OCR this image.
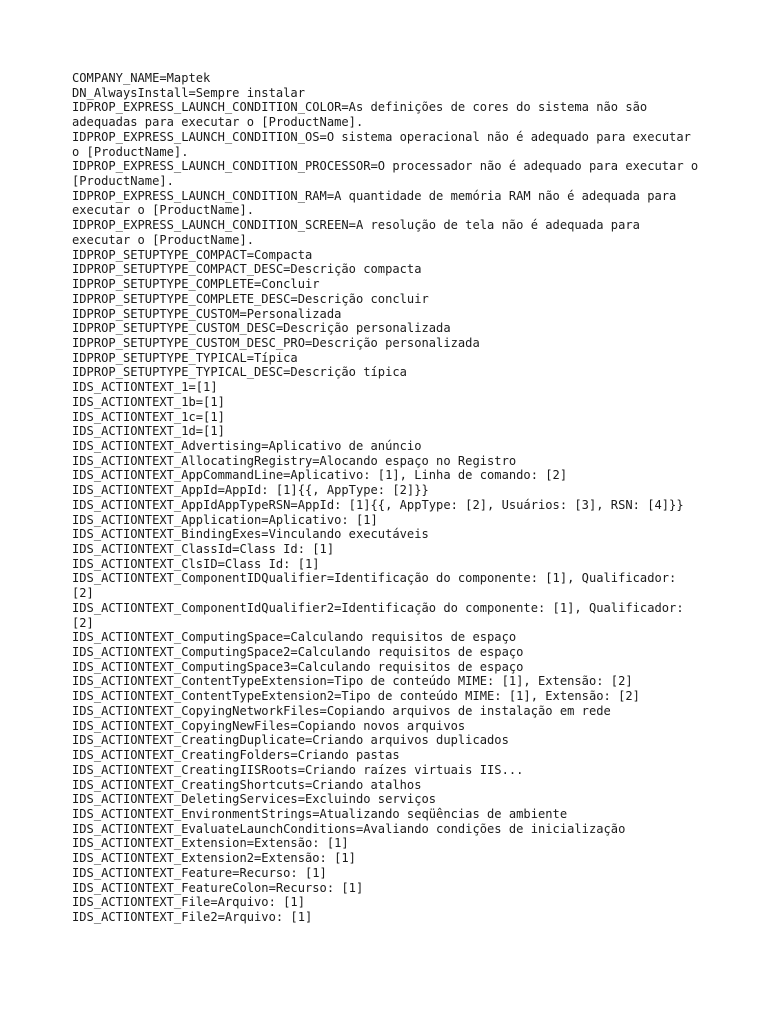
COMPANY_NAME=Maptek
DN_AlwaysInstall=Sempre instalar
IDPROP_EXPRESS_LAUNCH_CONDITION_COLOR=As definições de cores do sistema não são adequadas para executar o [ProductName].
IDPROP_EXPRESS_LAUNCH_CONDITION_OS=O sistema operacional não é adequado para executar o [ProductName].
IDPROP_EXPRESS_LAUNCH_CONDITION_PROCESSOR=O processador não é adequado para executar o [ProductName].
IDPROP_EXPRESS_LAUNCH_CONDITION_RAM=A quantidade de memória RAM não é adequada para executar o [ProductName].
IDPROP_EXPRESS_LAUNCH_CONDITION_SCREEN=A resolução de tela não é adequada para executar o [ProductName].
IDPROP_SETUPTYPE_COMPACT=Compacta
IDPROP_SETUPTYPE_COMPACT_DESC=Descrição compacta
IDPROP_SETUPTYPE_COMPLETE=Concluir
IDPROP_SETUPTYPE_COMPLETE_DESC=Descrição concluir
IDPROP_SETUPTYPE_CUSTOM=Personalizada
IDPROP_SETUPTYPE_CUSTOM_DESC=Descrição personalizada
IDPROP_SETUPTYPE_CUSTOM_DESC_PRO=Descrição personalizada
IDPROP_SETUPTYPE_TYPICAL=Típica
IDPROP_SETUPTYPE_TYPICAL_DESC=Descrição típica
IDS_ACTIONTEXT_1=[1]
IDS_ACTIONTEXT_1b=[1]
IDS_ACTIONTEXT_1c=[1]
IDS_ACTIONTEXT_1d=[1]
IDS_ACTIONTEXT_Advertising=Aplicativo de anúncio
IDS_ACTIONTEXT_AllocatingRegistry=Alocando espaço no Registro
IDS_ACTIONTEXT_AppCommandLine=Aplicativo: [1], Linha de comando: [2]
IDS_ACTIONTEXT_AppId=AppId: [1]{{, AppType: [2]}}
IDS_ACTIONTEXT_AppIdAppTypeRSN=AppId: [1]{{, AppType: [2], Usuários: [3], RSN: [4]}}
IDS_ACTIONTEXT_Application=Aplicativo: [1]
IDS_ACTIONTEXT_BindingExes=Vinculando executáveis
IDS_ACTIONTEXT_ClassId=Class Id: [1]
IDS_ACTIONTEXT_ClsID=Class Id: [1]
IDS_ACTIONTEXT_ComponentIDQualifier=Identificação do componente: [1], Qualificador: [2]
IDS_ACTIONTEXT_ComponentIdQualifier2=Identificação do componente: [1], Qualificador: [2]
IDS_ACTIONTEXT_ComputingSpace=Calculando requisitos de espaço
IDS_ACTIONTEXT_ComputingSpace2=Calculando requisitos de espaço
IDS_ACTIONTEXT_ComputingSpace3=Calculando requisitos de espaço
IDS_ACTIONTEXT_ContentTypeExtension=Tipo de conteúdo MIME: [1], Extensão: [2]
IDS_ACTIONTEXT_ContentTypeExtension2=Tipo de conteúdo MIME: [1], Extensão: [2]
IDS_ACTIONTEXT_CopyingNetworkFiles=Copiando arquivos de instalação em rede
IDS_ACTIONTEXT_CopyingNewFiles=Copiando novos arquivos
IDS_ACTIONTEXT_CreatingDuplicate=Criando arquivos duplicados
IDS_ACTIONTEXT_CreatingFolders=Criando pastas
IDS_ACTIONTEXT_CreatingIISRoots=Criando raízes virtuais IIS...
IDS_ACTIONTEXT_CreatingShortcuts=Criando atalhos
IDS_ACTIONTEXT_DeletingServices=Excluindo serviços
IDS_ACTIONTEXT_EnvironmentStrings=Atualizando seqüências de ambiente
IDS_ACTIONTEXT_EvaluateLaunchConditions=Avaliando condições de inicialização
IDS_ACTIONTEXT_Extension=Extensão: [1]
IDS_ACTIONTEXT_Extension2=Extensão: [1]
IDS_ACTIONTEXT_Feature=Recurso: [1]
IDS_ACTIONTEXT_FeatureColon=Recurso: [1]
IDS_ACTIONTEXT_File=Arquivo: [1]
IDS_ACTIONTEXT_File2=Arquivo: [1]
